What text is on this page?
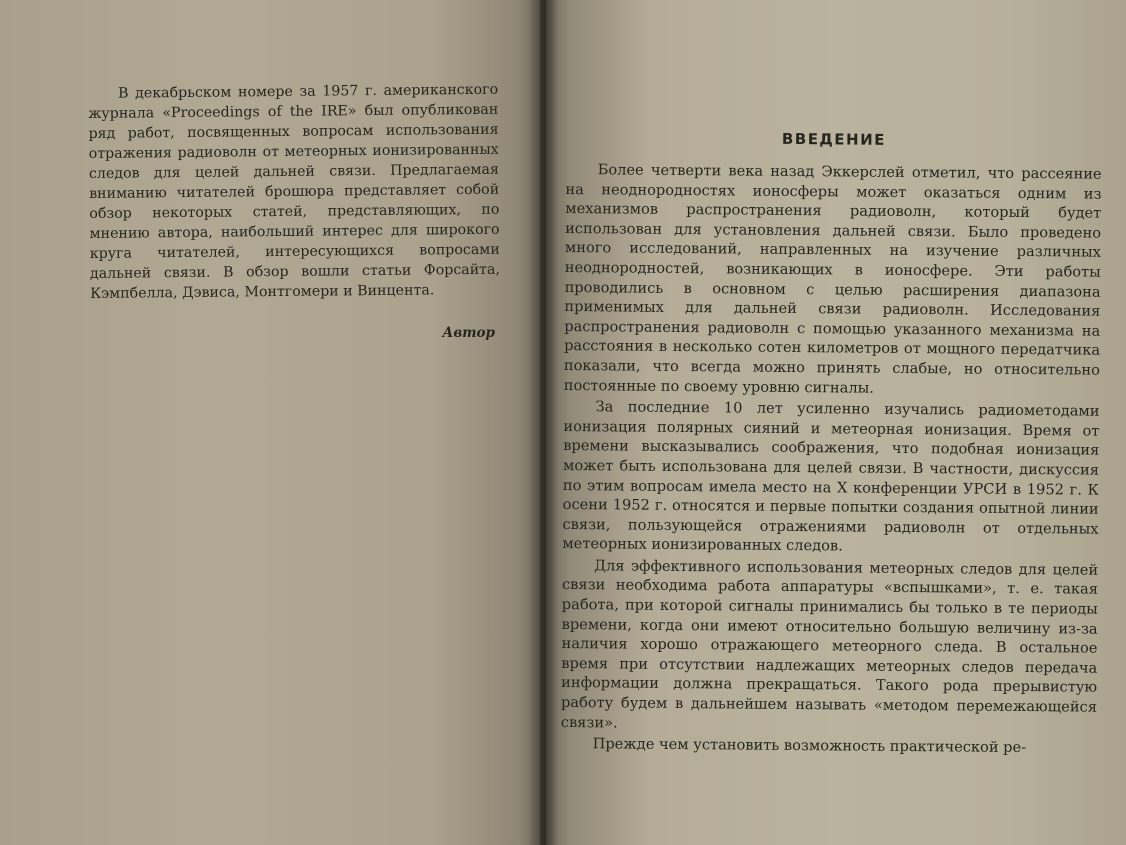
В декабрьском номере за 1957 г. американского журнала «Proceedings of the IRE» был опубликован ряд работ, посвященных вопросам использования отражения радиоволн от метеорных ионизированных следов для целей дальней связи. Предлагаемая вниманию читателей брошюра представляет собой обзор некоторых статей, представляющих, по мнению автора, наибольший интерес для широкого круга читателей, интересующихся вопросами дальней связи. В обзор вошли статьи Форсайта, Кэмпбелла, Дэвиса, Монтгомери и Винцента.

Автор

ВВЕДЕНИЕ

Более четверти века назад Эккерслей отметил, что рассеяние на неоднородностях ионосферы может оказаться одним из механизмов распространения радиоволн, который будет использован для установления дальней связи. Было проведено много исследований, направленных на изучение различных неоднородностей, возникающих в ионосфере. Эти работы проводились в основном с целью расширения диапазона применимых для дальней связи радиоволн. Исследования распространения радиоволн с помощью указанного механизма на расстояния в несколько сотен километров от мощного передатчика показали, что всегда можно принять слабые, но относительно постоянные по своему уровню сигналы.

За последние 10 лет усиленно изучались радиометодами ионизация полярных сияний и метеорная ионизация. Время от времени высказывались соображения, что подобная ионизация может быть использована для целей связи. В частности, дискуссия по этим вопросам имела место на X конференции УРСИ в 1952 г. К осени 1952 г. относятся и первые попытки создания опытной линии связи, пользующейся отражениями радиоволн от отдельных метеорных ионизированных следов.

Для эффективного использования метеорных следов для целей связи необходима работа аппаратуры «вспышками», т. е. такая работа, при которой сигналы принимались бы только в те периоды времени, когда они имеют относительно большую величину из-за наличия хорошо отражающего метеорного следа. В остальное время при отсутствии надлежащих метеорных следов передача информации должна прекращаться. Такого рода прерывистую работу будем в дальнейшем называть «методом перемежающейся связи».

Прежде чем установить возможность практической ре-
